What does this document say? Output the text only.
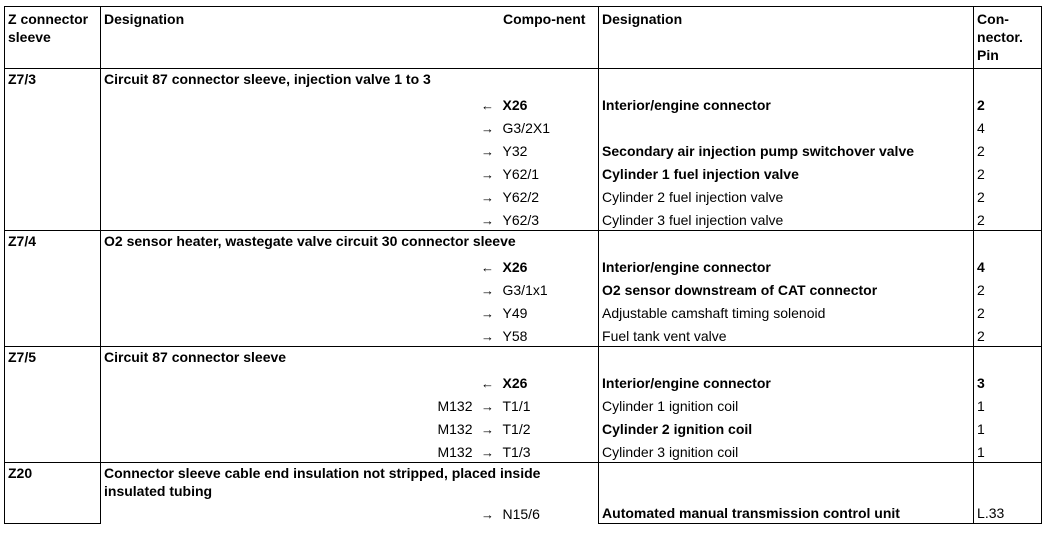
Z connector sleeve	Designation Compo-nent			Designation	Con-nector. Pin
Z7/3	Circuit 87 connector sleeve, injection valve 1 to 3				
		←	X26	Interior/engine connector	2
		→	G3/2X1		4
		→	Y32	Secondary air injection pump switchover valve	2
		→	Y62/1	Cylinder 1 fuel injection valve	2
		→	Y62/2	Cylinder 2 fuel injection valve	2
		→	Y62/3	Cylinder 3 fuel injection valve	2
Z7/4	O2 sensor heater, wastegate valve circuit 30 connector sleeve				
		←	X26	Interior/engine connector	4
		→	G3/1x1	O2 sensor downstream of CAT connector	2
		→	Y49	Adjustable camshaft timing solenoid	2
		→	Y58	Fuel tank vent valve	2
Z7/5	Circuit 87 connector sleeve				
		←	X26	Interior/engine connector	3
	M132	→	T1/1	Cylinder 1 ignition coil	1
	M132	→	T1/2	Cylinder 2 ignition coil	1
	M132	→	T1/3	Cylinder 3 ignition coil	1
Z20	Connector sleeve cable end insulation not stripped, placed inside insulated tubing				
		→	N15/6	Automated manual transmission control unit	L.33
